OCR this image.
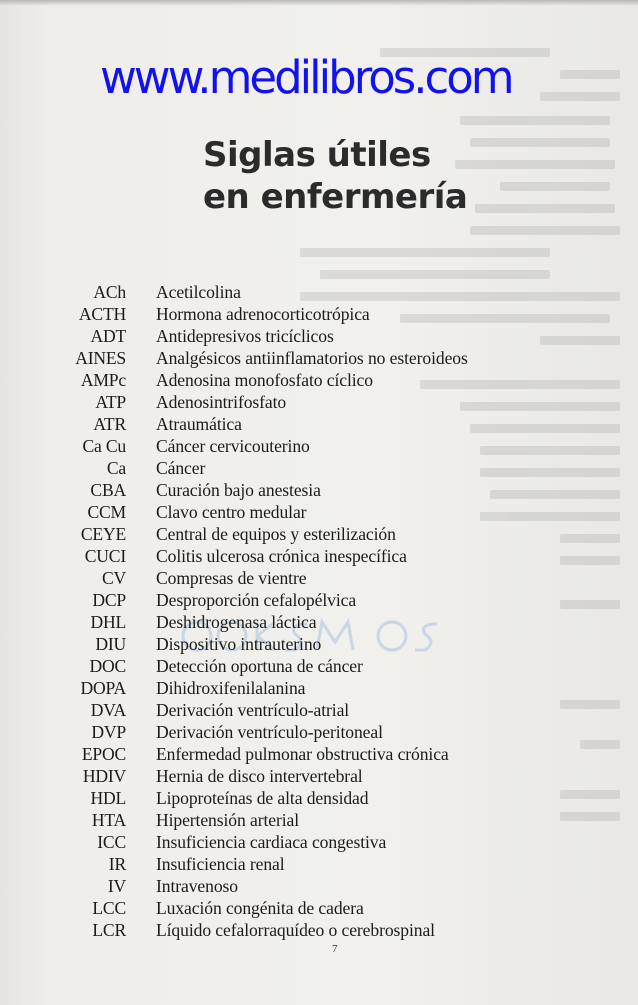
www.medilibros.com
Siglas útiles
en enfermería
ACh Acetilcolina
ACTH Hormona adrenocorticotrópica
ADT Antidepresivos tricíclicos
AINES Analgésicos antiinflamatorios no esteroideos
AMPc Adenosina monofosfato cíclico
ATP Adenosintrifosfato
ATR Atraumática
Ca Cu Cáncer cervicouterino
Ca Cáncer
CBA Curación bajo anestesia
CCM Clavo centro medular
CEYE Central de equipos y esterilización
CUCI Colitis ulcerosa crónica inespecífica
CV Compresas de vientre
DCP Desproporción cefalopélvica
DHL Deshidrogenasa láctica
DIU Dispositivo intrauterino
DOC Detección oportuna de cáncer
DOPA Dihidroxifenilalanina
DVA Derivación ventrículo-atrial
DVP Derivación ventrículo-peritoneal
EPOC Enfermedad pulmonar obstructiva crónica
HDIV Hernia de disco intervertebral
HDL Lipoproteínas de alta densidad
HTA Hipertensión arterial
ICC Insuficiencia cardiaca congestiva
IR Insuficiencia renal
IV Intravenoso
LCC Luxación congénita de cadera
LCR Líquido cefalorraquídeo o cerebrospinal
7
